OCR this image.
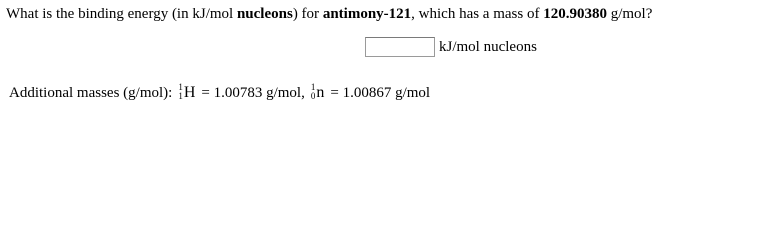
What is the binding energy (in kJ/mol nucleons) for antimony-121, which has a mass of 120.90380 g/mol?
kJ/mol nucleons
Additional masses (g/mol): 1
1 H = 1.00783 g/mol, 1
0 n = 1.00867 g/mol
